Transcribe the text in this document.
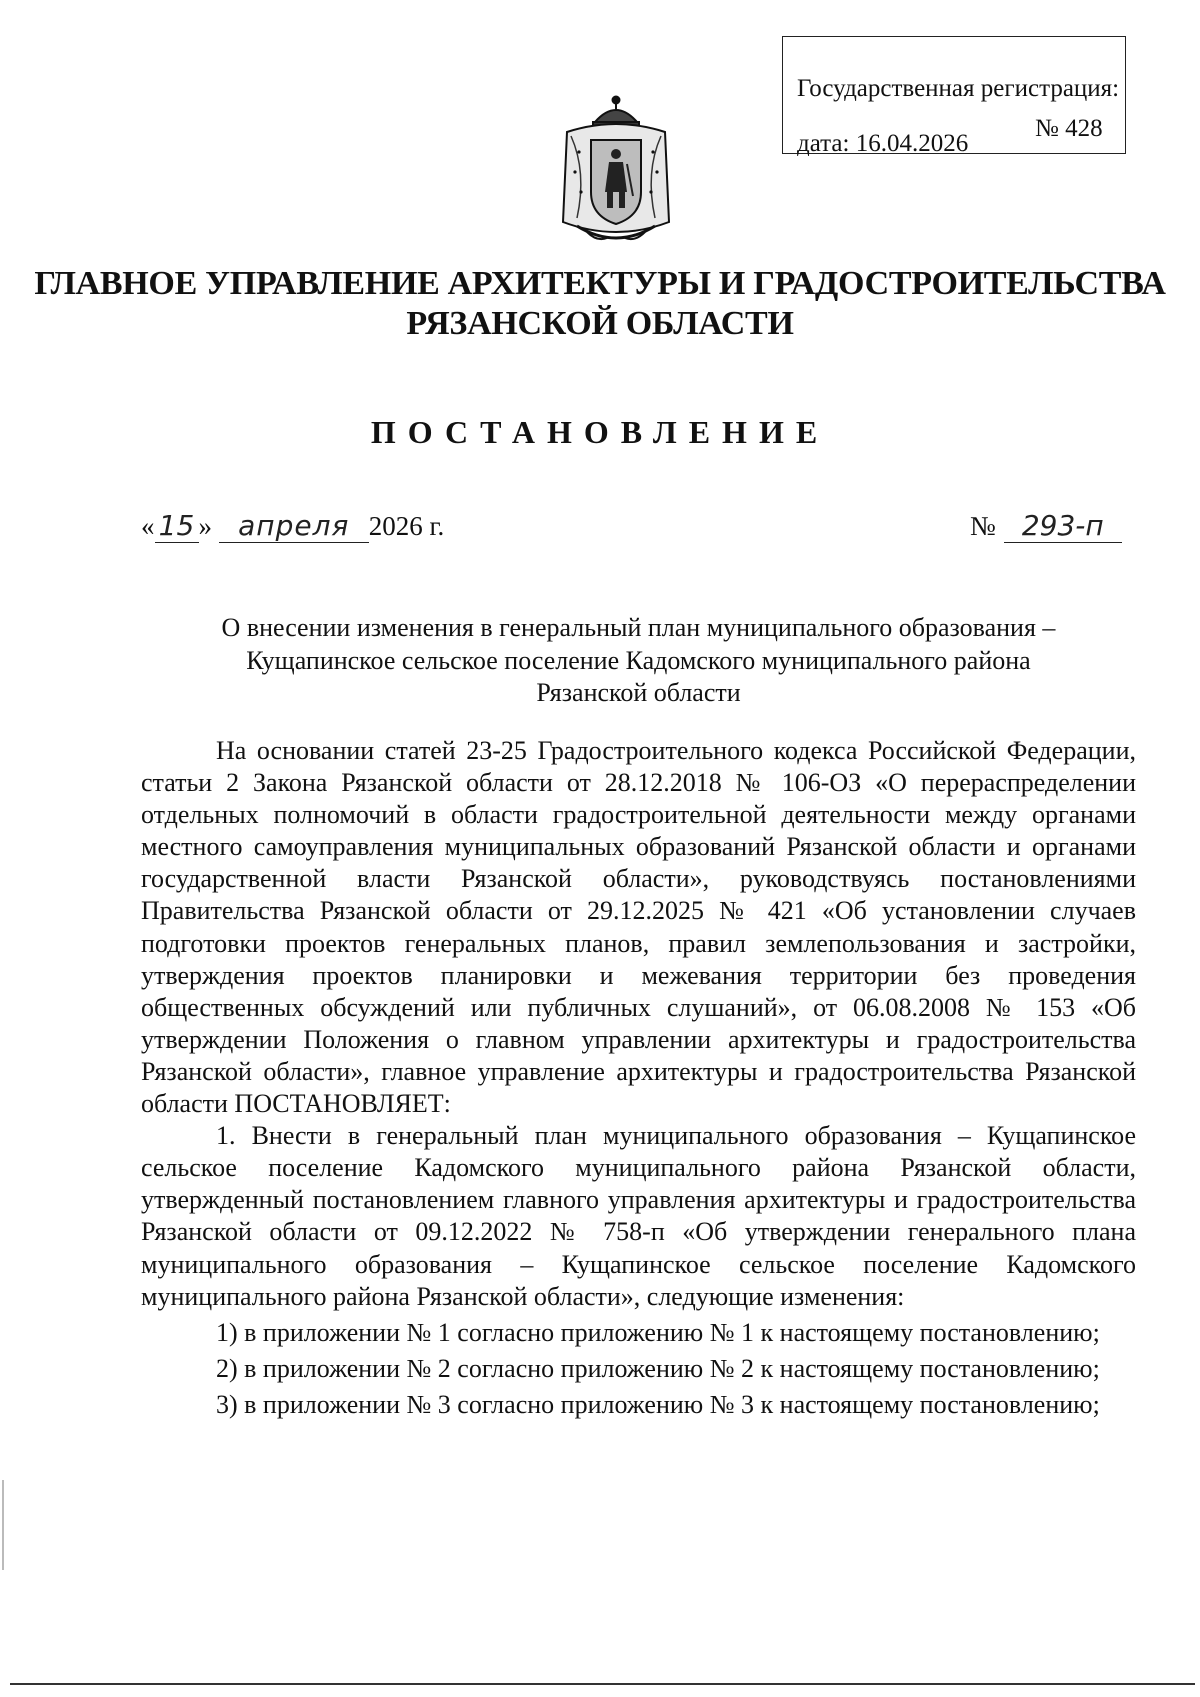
Государственная регистрация:
дата: 16.04.2026
№ 428
ГЛАВНОЕ УПРАВЛЕНИЕ АРХИТЕКТУРЫ И ГРАДОСТРОИТЕЛЬСТВА
РЯЗАНСКОЙ ОБЛАСТИ
ПОСТАНОВЛЕНИЕ
« 15 » апреля 2026 г.	№ 293-п
О внесении изменения в генеральный план муниципального образования –
Кущапинское сельское поселение Кадомского муниципального района
Рязанской области

На основании статей 23-25 Градостроительного кодекса Российской Федерации, статьи 2 Закона Рязанской области от 28.12.2018 № 106-ОЗ «О перераспределении отдельных полномочий в области градостроительной деятельности между органами местного самоуправления муниципальных образований Рязанской области и органами государственной власти Рязанской области», руководствуясь постановлениями Правительства Рязанской области от 29.12.2025 № 421 «Об установлении случаев подготовки проектов генеральных планов, правил землепользования и застройки, утверждения проектов планировки и межевания территории без проведения общественных обсуждений или публичных слушаний», от 06.08.2008 № 153 «Об утверждении Положения о главном управлении архитектуры и градостроительства Рязанской области», главное управление архитектуры и градостроительства Рязанской области ПОСТАНОВЛЯЕТ:

1. Внести в генеральный план муниципального образования – Кущапинское сельское поселение Кадомского муниципального района Рязанской области, утвержденный постановлением главного управления архитектуры и градостроительства Рязанской области от 09.12.2022 № 758-п «Об утверждении генерального плана муниципального образования – Кущапинское сельское поселение Кадомского муниципального района Рязанской области», следующие изменения:

1) в приложении № 1 согласно приложению № 1 к настоящему постановлению;

2) в приложении № 2 согласно приложению № 2 к настоящему постановлению;

3) в приложении № 3 согласно приложению № 3 к настоящему постановлению;
